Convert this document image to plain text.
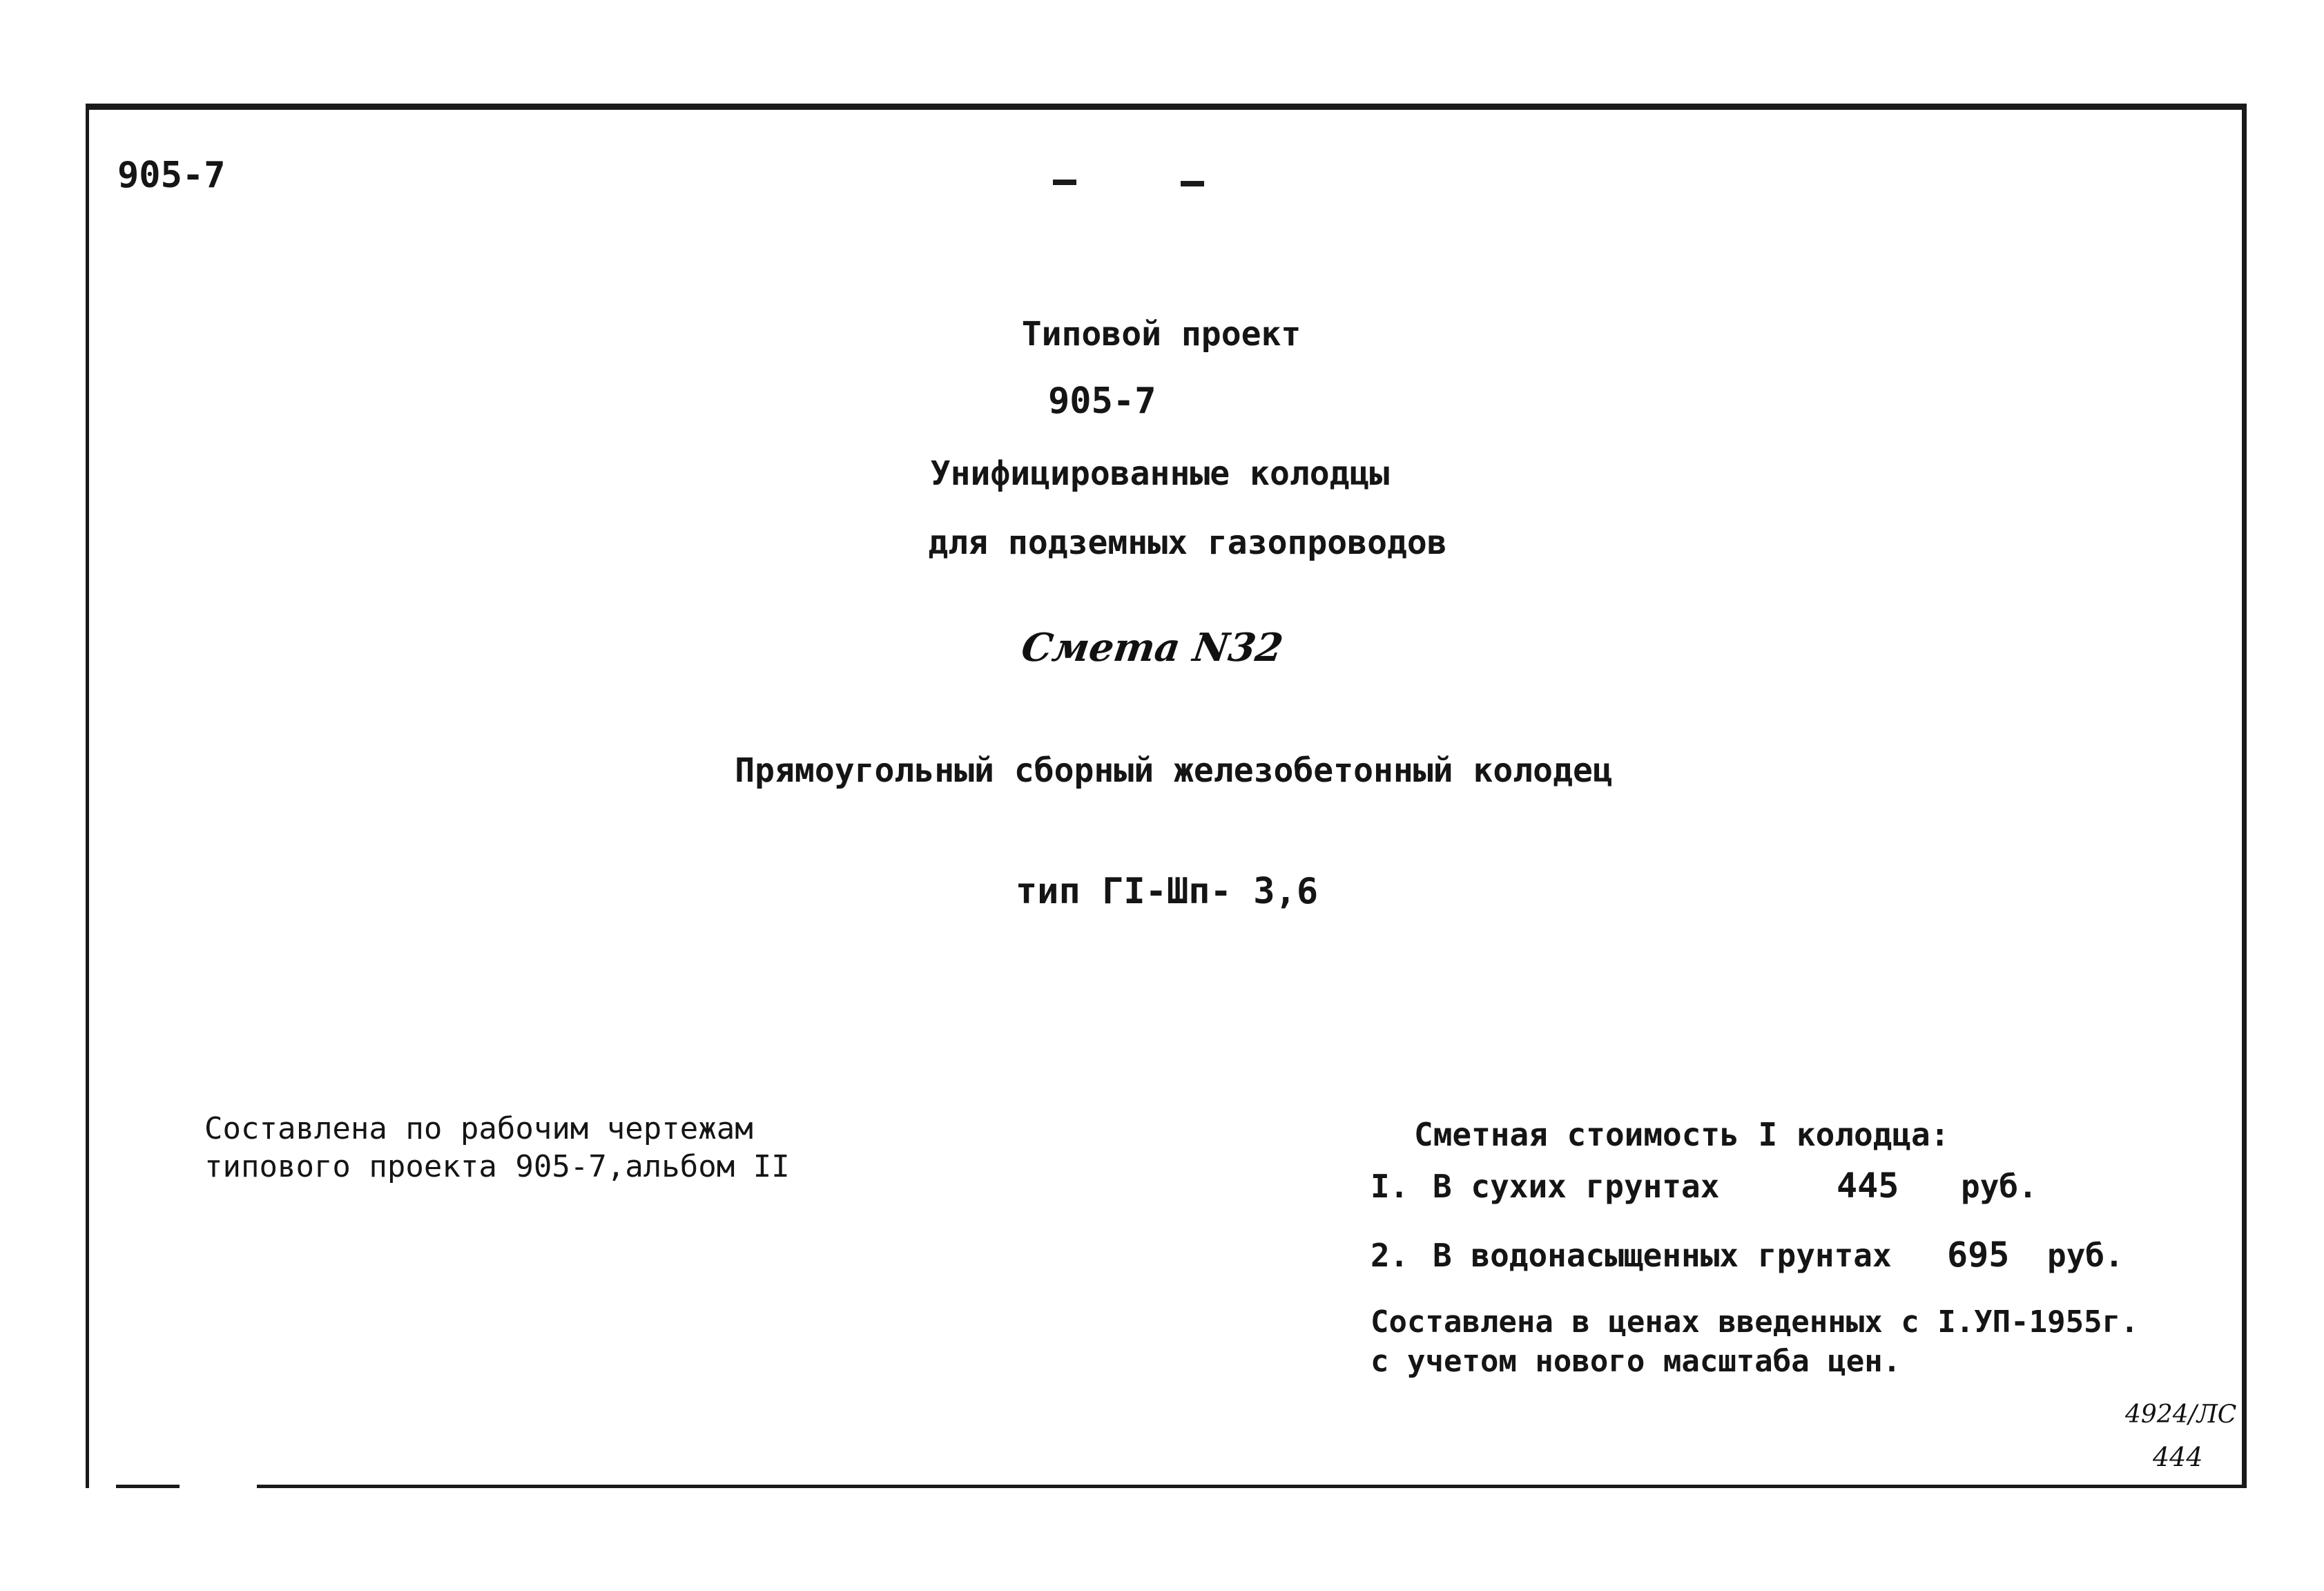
905-7
Типовой проект
905-7
Унифицированные колодцы
для подземных газопроводов
Смета N32
Прямоугольный сборный железобетонный колодец
тип ГI-Шп- 3,6
Составлена по рабочим чертежам
типового проекта 905-7,альбом II
Сметная стоимость I колодца:
I. В сухих грунтах	445 руб.
2. В водонасыщенных грунтах 695 руб.
Составлена в ценах введенных с I.УП-1955г.
с учетом нового масштаба цен.
4924/ЛС
444
